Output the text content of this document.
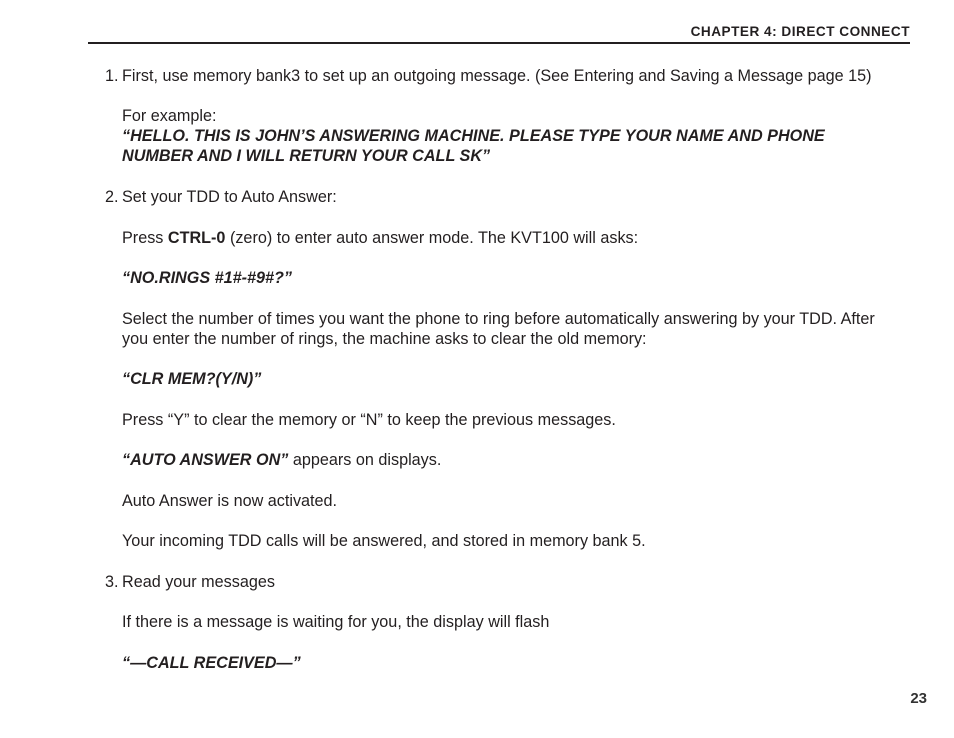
CHAPTER 4: DIRECT CONNECT
1. First, use memory bank3 to set up an outgoing message. (See Entering and Saving a Message page 15)
For example:
“HELLO. THIS IS JOHN’S ANSWERING MACHINE. PLEASE TYPE YOUR NAME AND PHONE
NUMBER AND I WILL RETURN YOUR CALL SK”
2. Set your TDD to Auto Answer:
Press CTRL-0 (zero) to enter auto answer mode. The KVT100 will asks:
“NO.RINGS #1#-#9#?”
Select the number of times you want the phone to ring before automatically answering by your TDD. After
you enter the number of rings, the machine asks to clear the old memory:
“CLR MEM?(Y/N)”
Press “Y” to clear the memory or “N” to keep the previous messages.
“AUTO ANSWER ON” appears on displays.
Auto Answer is now activated.
Your incoming TDD calls will be answered, and stored in memory bank 5.
3. Read your messages
If there is a message is waiting for you, the display will flash
“—CALL RECEIVED—”
23
